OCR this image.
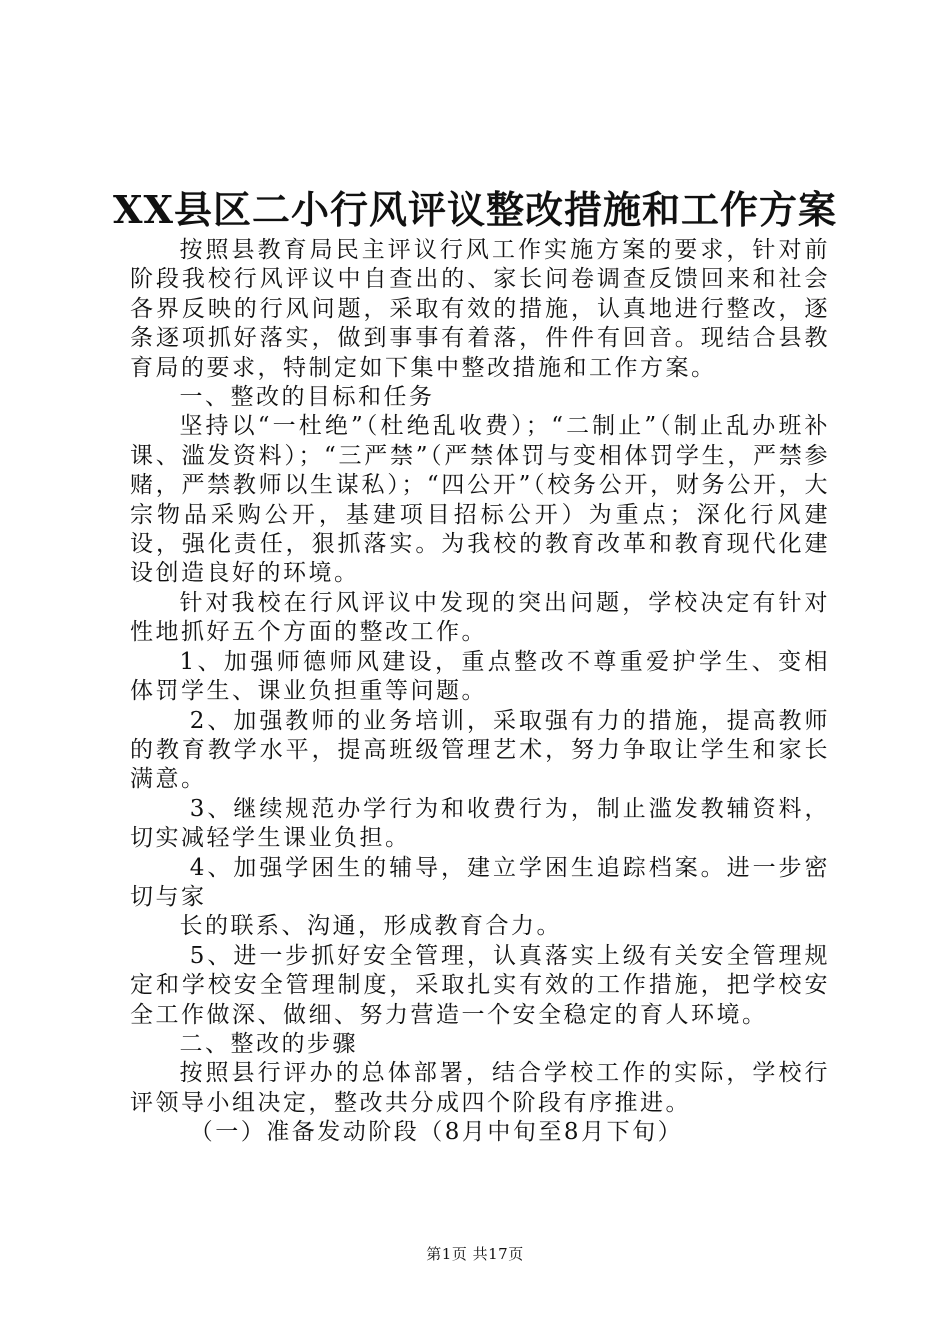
XX县区二小行风评议整改措施和工作方案

按照县教育局民主评议行风工作实施方案的要求，针对前阶段我校行风评议中自查出的、家长问卷调查反馈回来和社会各界反映的行风问题，采取有效的措施，认真地进行整改，逐条逐项抓好落实，做到事事有着落，件件有回音。现结合县教育局的要求，特制定如下集中整改措施和工作方案。

一、整改的目标和任务

坚持以“一杜绝”（杜绝乱收费）；“二制止”（制止乱办班补课、滥发资料）；“三严禁”（严禁体罚与变相体罚学生，严禁参赌，严禁教师以生谋私）；“四公开”（校务公开，财务公开，大宗物品采购公开，基建项目招标公开）为重点；深化行风建设，强化责任，狠抓落实。为我校的教育改革和教育现代化建设创造良好的环境。

针对我校在行风评议中发现的突出问题，学校决定有针对性地抓好五个方面的整改工作。

1、加强师德师风建设，重点整改不尊重爱护学生、变相体罚学生、课业负担重等问题。

2、加强教师的业务培训，采取强有力的措施，提高教师的教育教学水平，提高班级管理艺术，努力争取让学生和家长满意。

3、继续规范办学行为和收费行为，制止滥发教辅资料，切实减轻学生课业负担。

4、加强学困生的辅导，建立学困生追踪档案。进一步密切与家

长的联系、沟通，形成教育合力。

5、进一步抓好安全管理，认真落实上级有关安全管理规定和学校安全管理制度，采取扎实有效的工作措施，把学校安全工作做深、做细、努力营造一个安全稳定的育人环境。

二、整改的步骤

按照县行评办的总体部署，结合学校工作的实际，学校行评领导小组决定，整改共分成四个阶段有序推进。

（一）准备发动阶段（8月中旬至8月下旬）

第1页 共17页
